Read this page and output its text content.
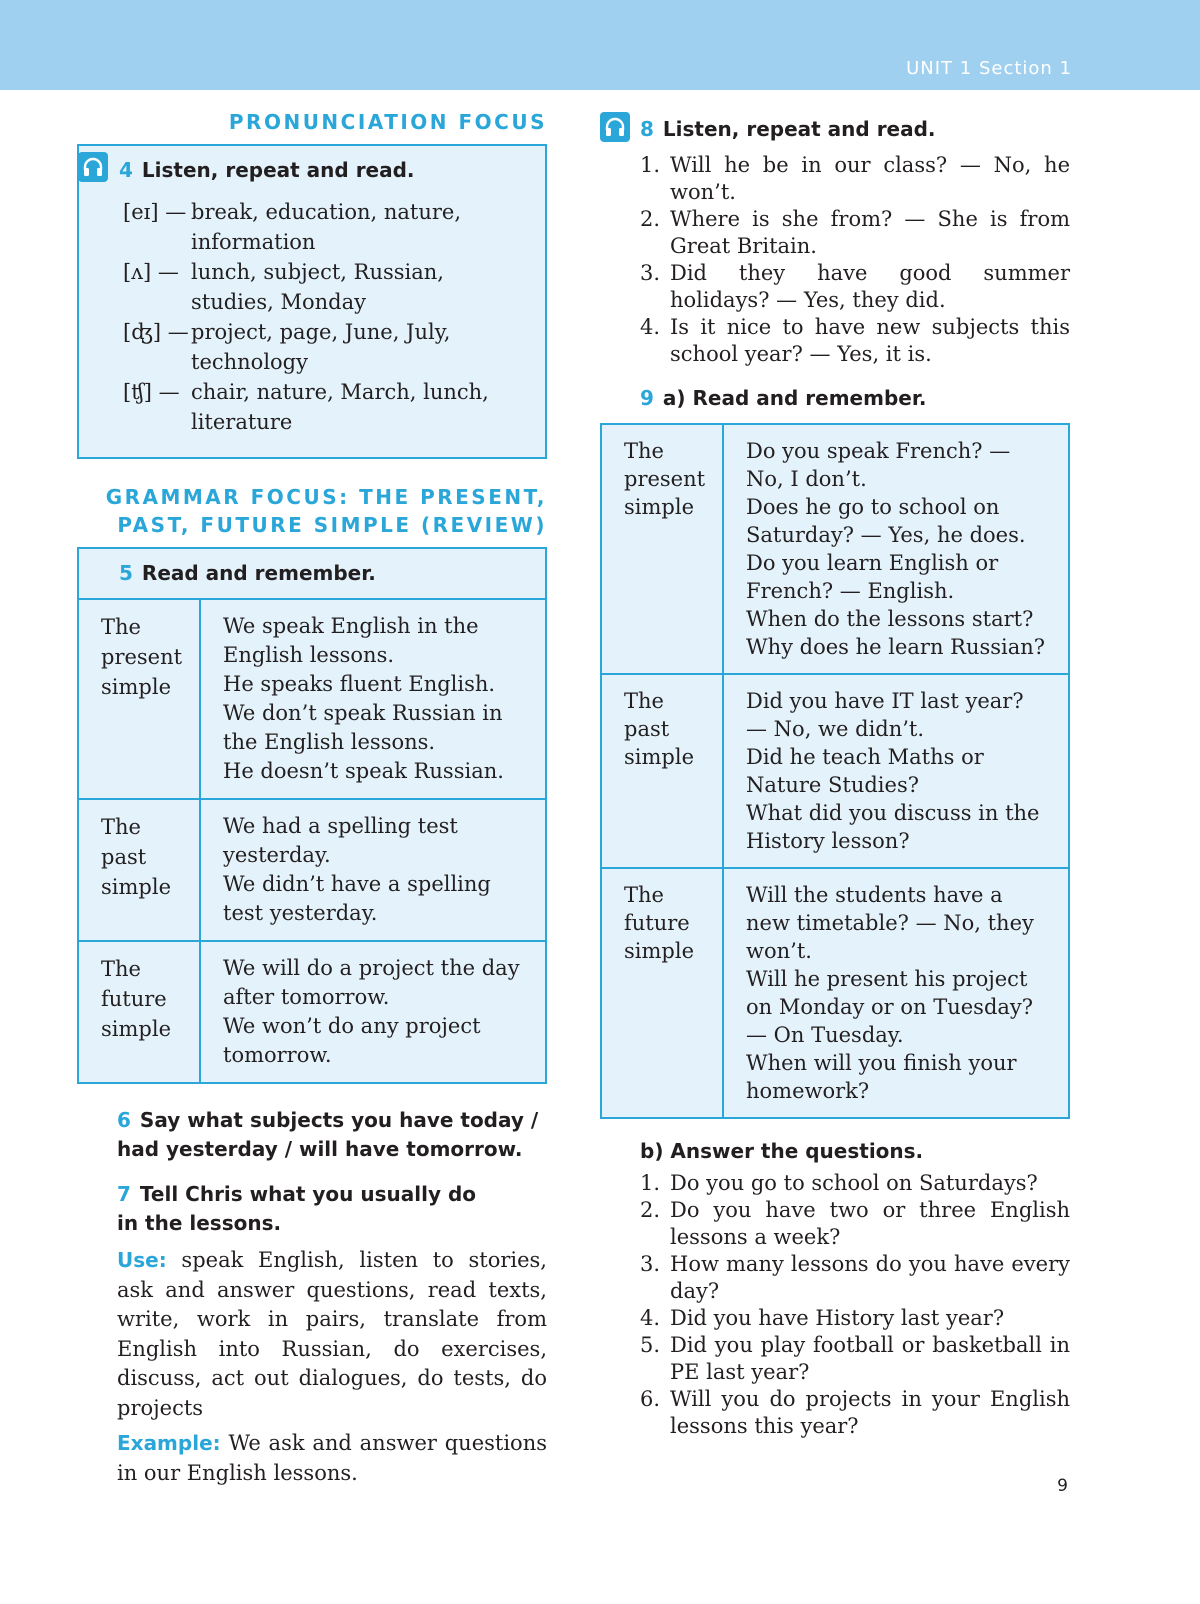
UNIT 1 Section 1
PRONUNCIATION FOCUS
4 Listen, repeat and read.
[eɪ] — break, education, nature,
information
[ʌ] — lunch, subject, Russian,
studies, Monday
[ʤ] — project, page, June, July,
technology
[ʧ] — chair, nature, March, lunch,
literature
GRAMMAR FOCUS: THE PRESENT,
PAST, FUTURE SIMPLE (REVIEW)
5 Read and remember.
The
present
simple
We speak English in the
English lessons.
He speaks fluent English.
We don’t speak Russian in
the English lessons.
He doesn’t speak Russian.
The
past
simple
We had a spelling test
yesterday.
We didn’t have a spelling
test yesterday.
The
future
simple
We will do a project the day
after tomorrow.
We won’t do any project
tomorrow.
6 Say what subjects you have today /
had yesterday / will have tomorrow.
7 Tell Chris what you usually do
in the lessons.
Use: speak English, listen to stories, ask and answer questions, read texts, write, work in pairs, translate from English into Russian, do exercises, discuss, act out dialogues, do tests, do projects
Example: We ask and answer questions in our English lessons.
8 Listen, repeat and read.
1. Will he be in our class? — No, he won’t.
2. Where is she from? — She is from Great Britain.
3. Did they have good summer holidays? — Yes, they did.
4. Is it nice to have new subjects this school year? — Yes, it is.
9 a) Read and remember.
The
present
simple
Do you speak French? —
No, I don’t.
Does he go to school on
Saturday? — Yes, he does.
Do you learn English or
French? — English.
When do the lessons start?
Why does he learn Russian?
The
past
simple
Did you have IT last year?
— No, we didn’t.
Did he teach Maths or
Nature Studies?
What did you discuss in the
History lesson?
The
future
simple
Will the students have a
new timetable? — No, they
won’t.
Will he present his project
on Monday or on Tuesday?
— On Tuesday.
When will you finish your
homework?
b) Answer the questions.
1. Do you go to school on Saturdays?
2. Do you have two or three English lessons a week?
3. How many lessons do you have every day?
4. Did you have History last year?
5. Did you play football or basketball in PE last year?
6. Will you do projects in your English lessons this year?
9
